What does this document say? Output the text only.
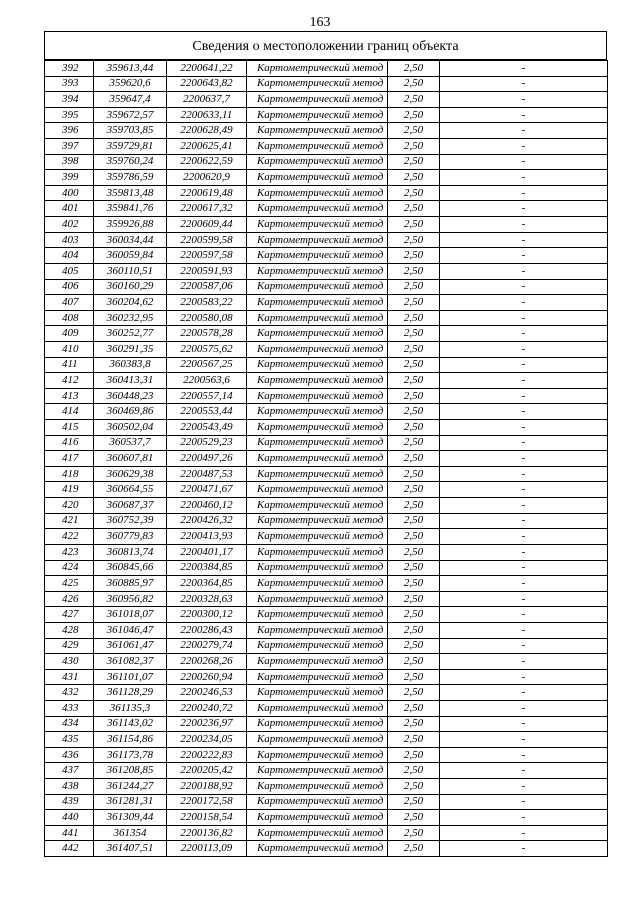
163
Сведения о местоположении границ объекта
392	359613,44	2200641,22	Картометрический метод	2,50	-
393	359620,6	2200643,82	Картометрический метод	2,50	-
394	359647,4	2200637,7	Картометрический метод	2,50	-
395	359672,57	2200633,11	Картометрический метод	2,50	-
396	359703,85	2200628,49	Картометрический метод	2,50	-
397	359729,81	2200625,41	Картометрический метод	2,50	-
398	359760,24	2200622,59	Картометрический метод	2,50	-
399	359786,59	2200620,9	Картометрический метод	2,50	-
400	359813,48	2200619,48	Картометрический метод	2,50	-
401	359841,76	2200617,32	Картометрический метод	2,50	-
402	359926,88	2200609,44	Картометрический метод	2,50	-
403	360034,44	2200599,58	Картометрический метод	2,50	-
404	360059,84	2200597,58	Картометрический метод	2,50	-
405	360110,51	2200591,93	Картометрический метод	2,50	-
406	360160,29	2200587,06	Картометрический метод	2,50	-
407	360204,62	2200583,22	Картометрический метод	2,50	-
408	360232,95	2200580,08	Картометрический метод	2,50	-
409	360252,77	2200578,28	Картометрический метод	2,50	-
410	360291,35	2200575,62	Картометрический метод	2,50	-
411	360383,8	2200567,25	Картометрический метод	2,50	-
412	360413,31	2200563,6	Картометрический метод	2,50	-
413	360448,23	2200557,14	Картометрический метод	2,50	-
414	360469,86	2200553,44	Картометрический метод	2,50	-
415	360502,04	2200543,49	Картометрический метод	2,50	-
416	360537,7	2200529,23	Картометрический метод	2,50	-
417	360607,81	2200497,26	Картометрический метод	2,50	-
418	360629,38	2200487,53	Картометрический метод	2,50	-
419	360664,55	2200471,67	Картометрический метод	2,50	-
420	360687,37	2200460,12	Картометрический метод	2,50	-
421	360752,39	2200426,32	Картометрический метод	2,50	-
422	360779,83	2200413,93	Картометрический метод	2,50	-
423	360813,74	2200401,17	Картометрический метод	2,50	-
424	360845,66	2200384,85	Картометрический метод	2,50	-
425	360885,97	2200364,85	Картометрический метод	2,50	-
426	360956,82	2200328,63	Картометрический метод	2,50	-
427	361018,07	2200300,12	Картометрический метод	2,50	-
428	361046,47	2200286,43	Картометрический метод	2,50	-
429	361061,47	2200279,74	Картометрический метод	2,50	-
430	361082,37	2200268,26	Картометрический метод	2,50	-
431	361101,07	2200260,94	Картометрический метод	2,50	-
432	361128,29	2200246,53	Картометрический метод	2,50	-
433	361135,3	2200240,72	Картометрический метод	2,50	-
434	361143,02	2200236,97	Картометрический метод	2,50	-
435	361154,86	2200234,05	Картометрический метод	2,50	-
436	361173,78	2200222,83	Картометрический метод	2,50	-
437	361208,85	2200205,42	Картометрический метод	2,50	-
438	361244,27	2200188,92	Картометрический метод	2,50	-
439	361281,31	2200172,58	Картометрический метод	2,50	-
440	361309,44	2200158,54	Картометрический метод	2,50	-
441	361354	2200136,82	Картометрический метод	2,50	-
442	361407,51	2200113,09	Картометрический метод	2,50	-
